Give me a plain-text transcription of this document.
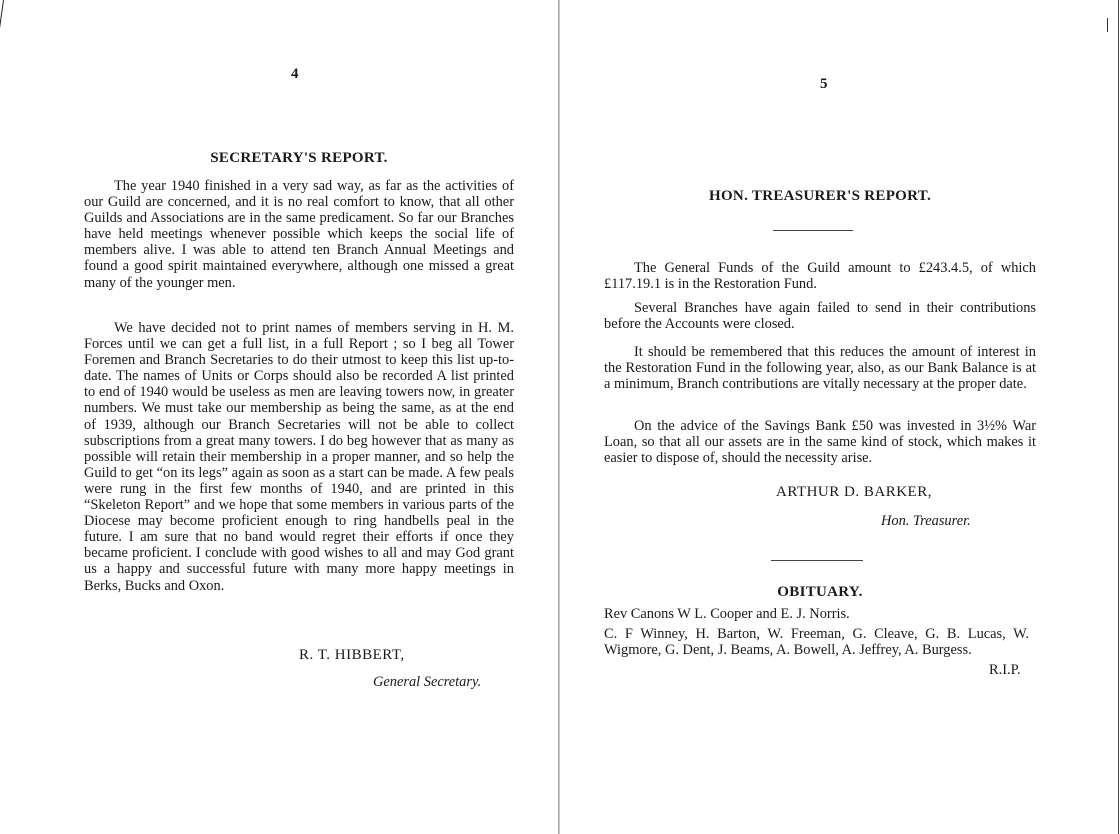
4
SECRETARY'S REPORT.

The year 1940 finished in a very sad way, as far as the activities of our Guild are concerned, and it is no real comfort to know, that all other Guilds and Associations are in the same predicament. So far our Branches have held meetings whenever possible which keeps the social life of members alive. I was able to attend ten Branch Annual Meetings and found a good spirit maintained everywhere, although one missed a great many of the younger men.

We have decided not to print names of members serving in H. M. Forces until we can get a full list, in a full Report ; so I beg all Tower Foremen and Branch Secretaries to do their utmost to keep this list up-to-date. The names of Units or Corps should also be recorded A list printed to end of 1940 would be useless as men are leaving towers now, in greater numbers. We must take our membership as being the same, as at the end of 1939, although our Branch Secretaries will not be able to collect subscriptions from a great many towers. I do beg however that as many as possible will retain their membership in a proper manner, and so help the Guild to get “on its legs” again as soon as a start can be made. A few peals were rung in the first few months of 1940, and are printed in this “Skeleton Report” and we hope that some members in various parts of the Diocese may become proficient enough to ring handbells peal in the future. I am sure that no band would regret their efforts if once they became proficient. I conclude with good wishes to all and may God grant us a happy and successful future with many more happy meetings in Berks, Bucks and Oxon.

R. T. HIBBERT,
General Secretary.
5
HON. TREASURER'S REPORT.

The General Funds of the Guild amount to £243.4.5, of which £117.19.1 is in the Restoration Fund.

Several Branches have again failed to send in their contributions before the Accounts were closed.

It should be remembered that this reduces the amount of interest in the Restoration Fund in the following year, also, as our Bank Balance is at a minimum, Branch contributions are vitally necessary at the proper date.

On the advice of the Savings Bank £50 was invested in 3½% War Loan, so that all our assets are in the same kind of stock, which makes it easier to dispose of, should the necessity arise.

ARTHUR D. BARKER,
Hon. Treasurer.
OBITUARY.

Rev Canons W L. Cooper and E. J. Norris.

C. F Winney, H. Barton, W. Freeman, G. Cleave, G. B. Lucas, W. Wigmore, G. Dent, J. Beams, A. Bowell, A. Jeffrey, A. Burgess.

R.I.P.
